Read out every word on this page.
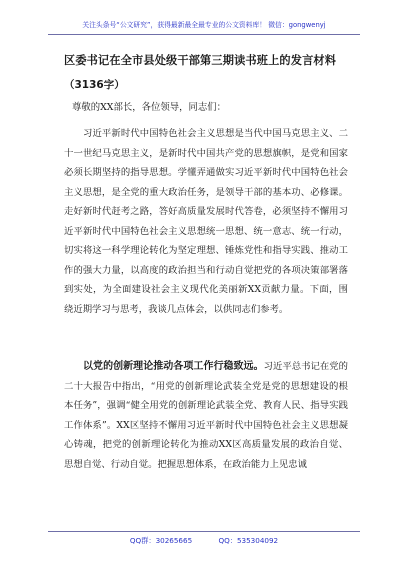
关注头条号“公文研究”，获得最新最全最专业的公文资料库！ 微信：gongwenyj
区委书记在全市县处级干部第三期读书班上的发言材料
（3136字）
尊敬的XX部长，各位领导，同志们：

习近平新时代中国特色社会主义思想是当代中国马克思主义、二十一世纪马克思主义，是新时代中国共产党的思想旗帜，是党和国家必须长期坚持的指导思想。学懂弄通做实习近平新时代中国特色社会主义思想，是全党的重大政治任务，是领导干部的基本功、必修课。走好新时代赶考之路，答好高质量发展时代答卷，必须坚持不懈用习近平新时代中国特色社会主义思想统一思想、统一意志、统一行动，切实将这一科学理论转化为坚定理想、锤炼党性和指导实践、推动工作的强大力量，以高度的政治担当和行动自觉把党的各项决策部署落到实处，为全面建设社会主义现代化美丽新XX贡献力量。下面，围绕近期学习与思考，我谈几点体会，以供同志们参考。

以党的创新理论推动各项工作行稳致远。习近平总书记在党的二十大报告中指出，“用党的创新理论武装全党是党的思想建设的根本任务”，强调“健全用党的创新理论武装全党、教育人民、指导实践工作体系”。XX区坚持不懈用习近平新时代中国特色社会主义思想凝心铸魂，把党的创新理论转化为推动XX区高质量发展的政治自觉、思想自觉、行动自觉。把握思想体系，在政治能力上见忠诚

QQ群：30265665	QQ：535304092
